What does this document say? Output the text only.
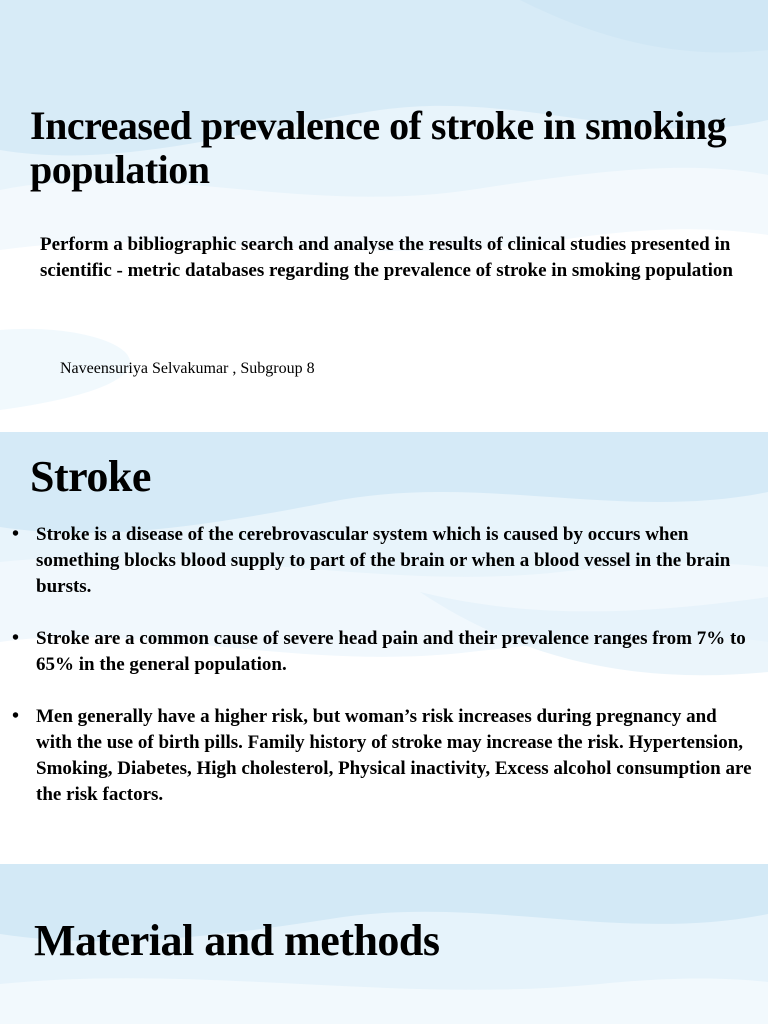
Increased prevalence of stroke in smoking population
Perform a bibliographic search and analyse the results of clinical studies presented in scientific - metric databases regarding the prevalence of stroke in smoking population
Naveensuriya Selvakumar , Subgroup 8
Stroke
• Stroke is a disease of the cerebrovascular system which is caused by occurs when something blocks blood supply to part of the brain or when a blood vessel in the brain bursts.
• Stroke are a common cause of severe head pain and their prevalence ranges from 7% to 65% in the general population.
• Men generally have a higher risk, but woman’s risk increases during pregnancy and with the use of birth pills. Family history of stroke may increase the risk. Hypertension, Smoking, Diabetes, High cholesterol, Physical inactivity, Excess alcohol consumption are the risk factors.
Material and methods
